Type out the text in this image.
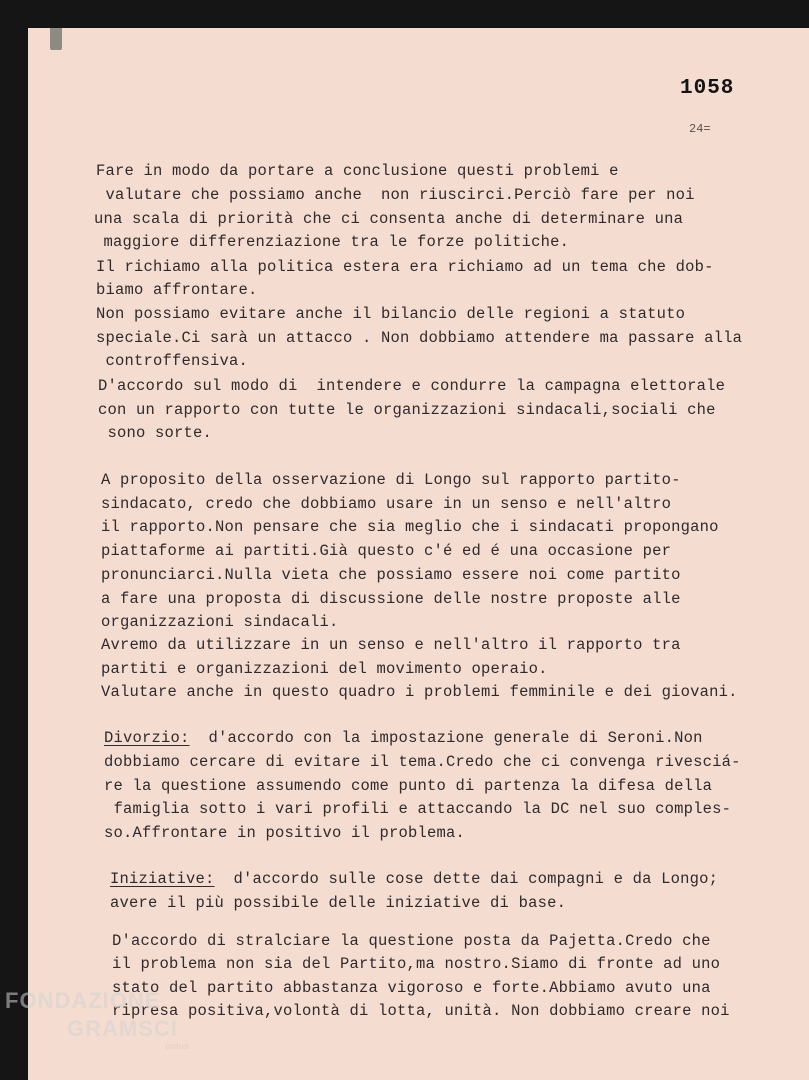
1058
24=
Fare in modo da portare a conclusione questi problemi e
valutare che possiamo anche  non riuscirci.Perciò fare per noi
una scala di priorità che ci consenta anche di determinare una
maggiore differenziazione tra le forze politiche.
Il richiamo alla politica estera era richiamo ad un tema che dob-
biamo affrontare.
Non possiamo evitare anche il bilancio delle regioni a statuto
speciale.Ci sarà un attacco . Non dobbiamo attendere ma passare alla
controffensiva.
D'accordo sul modo di  intendere e condurre la campagna elettorale
con un rapporto con tutte le organizzazioni sindacali,sociali che
sono sorte.
A proposito della osservazione di Longo sul rapporto partito-
sindacato, credo che dobbiamo usare in un senso e nell'altro
il rapporto.Non pensare che sia meglio che i sindacati propongano
piattaforme ai partiti.Già questo c'é ed é una occasione per
pronunciarci.Nulla vieta che possiamo essere noi come partito
a fare una proposta di discussione delle nostre proposte alle
organizzazioni sindacali.
Avremo da utilizzare in un senso e nell'altro il rapporto tra
partiti e organizzazioni del movimento operaio.
Valutare anche in questo quadro i problemi femminile e dei giovani.
Divorzio: d'accordo con la impostazione generale di Seroni.Non
dobbiamo cercare di evitare il tema.Credo che ci convenga rivesciá-
re la questione assumendo come punto di partenza la difesa della
famiglia sotto i vari profili e attaccando la DC nel suo comples-
so.Affrontare in positivo il problema.
Iniziative: d'accordo sulle cose dette dai compagni e da Longo;
avere il più possibile delle iniziative di base.
D'accordo di stralciare la questione posta da Pajetta.Credo che
il problema non sia del Partito,ma nostro.Siamo di fronte ad uno
stato del partito abbastanza vigoroso e forte.Abbiamo avuto una
ripresa positiva,volontà di lotta, unità. Non dobbiamo creare noi
FONDAZIONE
GRAMSCI
onlus
